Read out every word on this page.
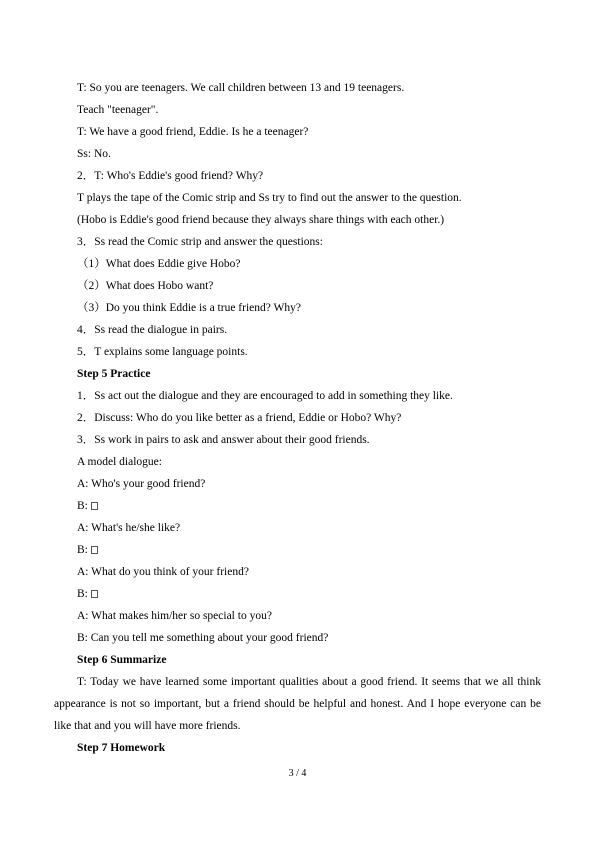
T: So you are teenagers. We call children between 13 and 19 teenagers.
Teach "teenager".
T: We have a good friend, Eddie. Is he a teenager?
Ss: No.
2．T: Who's Eddie's good friend? Why?
T plays the tape of the Comic strip and Ss try to find out the answer to the question.
(Hobo is Eddie's good friend because they always share things with each other.)
3．Ss read the Comic strip and answer the questions:
（1）What does Eddie give Hobo?
（2）What does Hobo want?
（3）Do you think Eddie is a true friend? Why?
4．Ss read the dialogue in pairs.
5．T explains some language points.
Step 5 Practice
1．Ss act out the dialogue and they are encouraged to add in something they like.
2．Discuss: Who do you like better as a friend, Eddie or Hobo? Why?
3．Ss work in pairs to ask and answer about their good friends.
A model dialogue:
A: Who's your good friend?
B:
A: What's he/she like?
B:
A: What do you think of your friend?
B:
A: What makes him/her so special to you?
B: Can you tell me something about your good friend?
Step 6 Summarize
T: Today we have learned some important qualities about a good friend. It seems that we all think appearance is not so important, but a friend should be helpful and honest. And I hope everyone can be like that and you will have more friends.
Step 7 Homework
3 / 4
